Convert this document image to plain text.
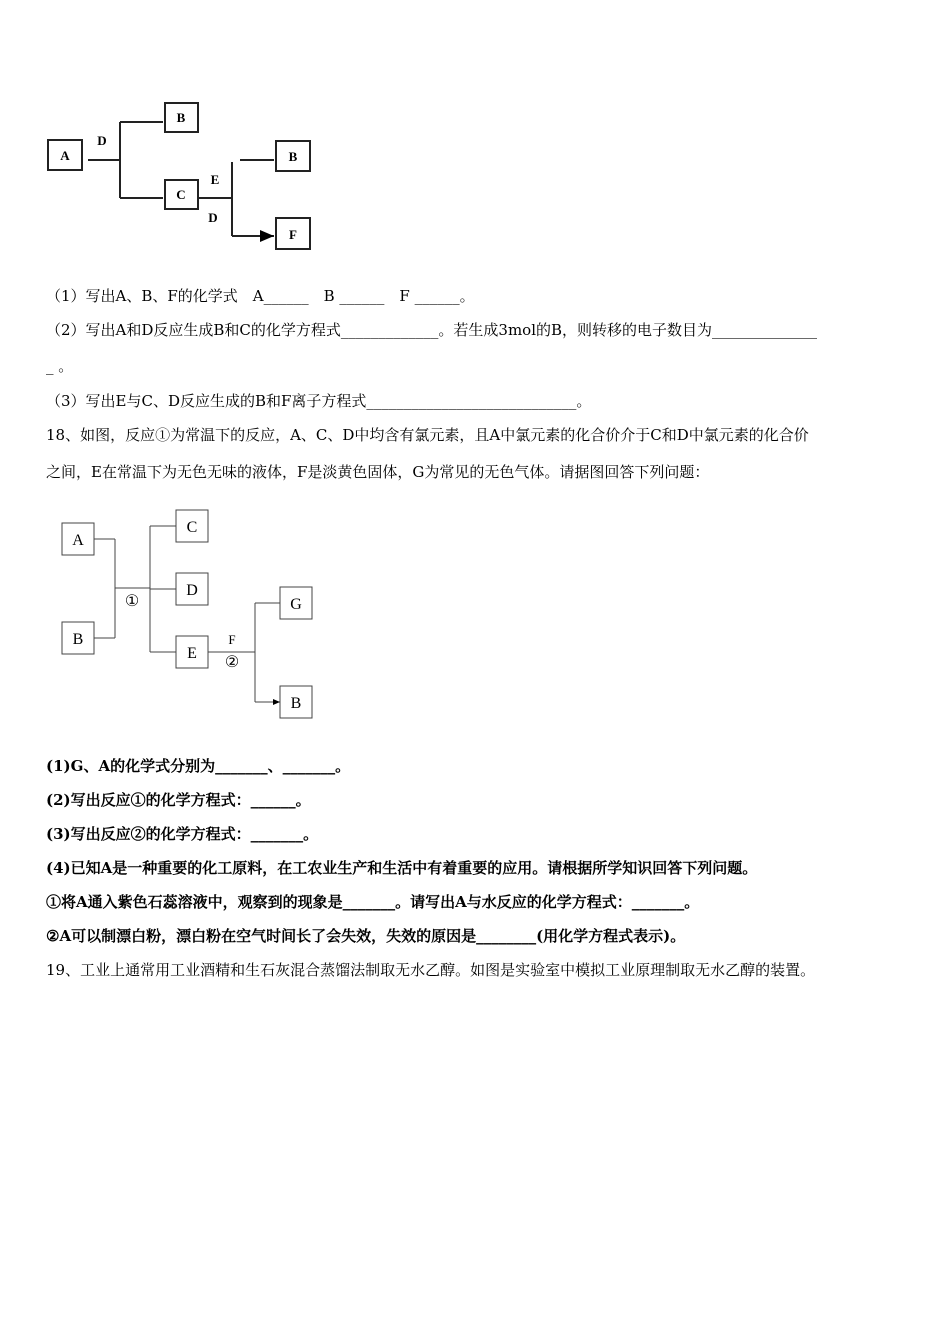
A
B
C
B
F
D
E
D
A
B
C
D
E
G
B
①
F
②
（1）写出A、B、F的化学式　A______　B ______　F ______。
（2）写出A和D反应生成B和C的化学方程式_____________。若生成3mol的B，则转移的电子数目为______________
_ 。
（3）写出E与C、D反应生成的B和F离子方程式____________________________。
18、如图，反应①为常温下的反应，A、C、D中均含有氯元素，且A中氯元素的化合价介于C和D中氯元素的化合价
之间，E在常温下为无色无味的液体，F是淡黄色固体，G为常见的无色气体。请据图回答下列问题：
(1)G、A的化学式分别为_______、_______。
(2)写出反应①的化学方程式：______。
(3)写出反应②的化学方程式：_______。
(4)已知A是一种重要的化工原料，在工农业生产和生活中有着重要的应用。请根据所学知识回答下列问题。
①将A通入紫色石蕊溶液中，观察到的现象是_______。请写出A与水反应的化学方程式：_______。
②A可以制漂白粉，漂白粉在空气时间长了会失效，失效的原因是________(用化学方程式表示)。
19、工业上通常用工业酒精和生石灰混合蒸馏法制取无水乙醇。如图是实验室中模拟工业原理制取无水乙醇的装置。
